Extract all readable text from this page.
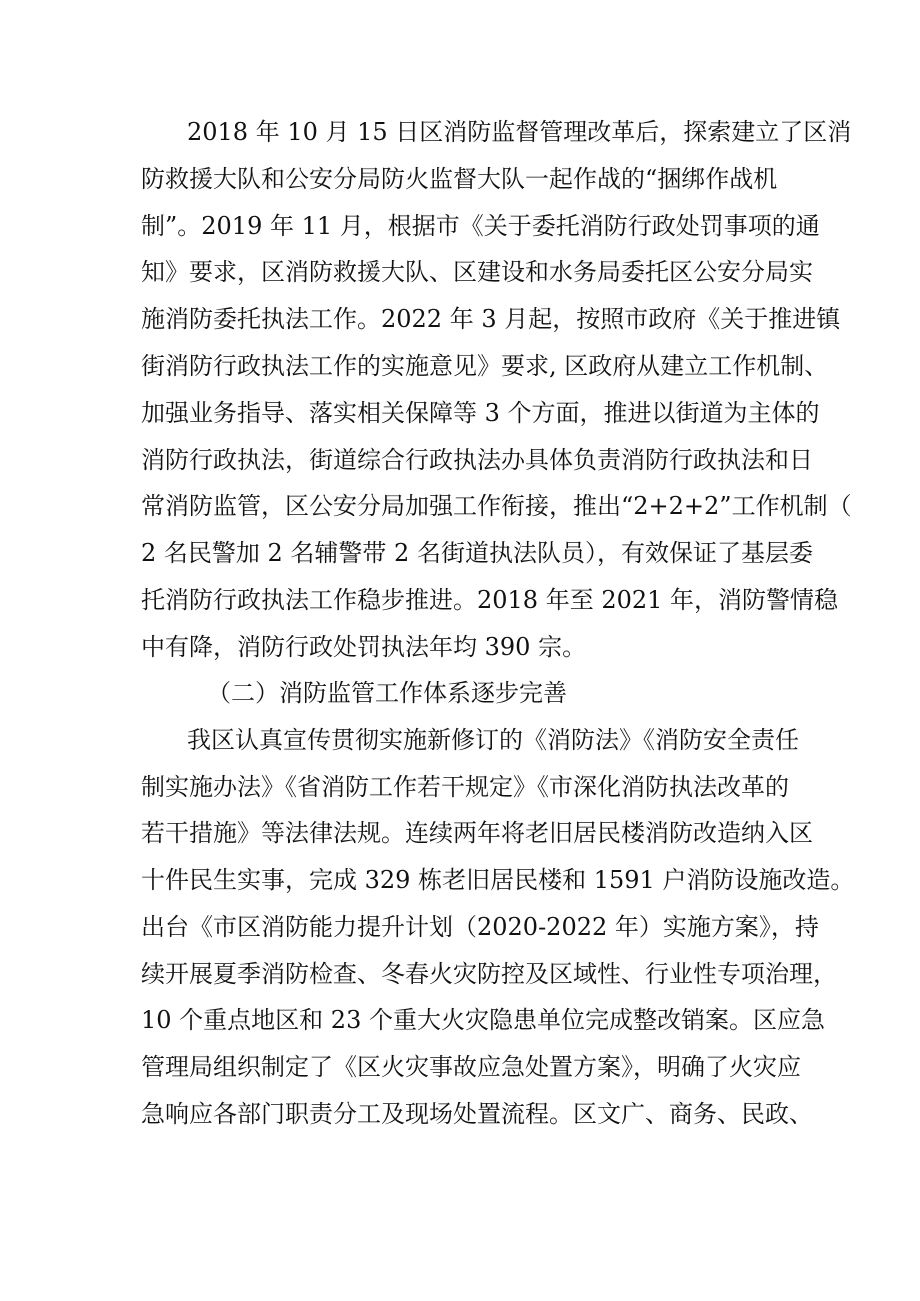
2018 年 10 月 15 日区消防监督管理改革后，探索建立了区消
防救援大队和公安分局防火监督大队一起作战的“捆绑作战机
制”。2019 年 11 月，根据市《关于委托消防行政处罚事项的通
知》要求，区消防救援大队、区建设和水务局委托区公安分局实
施消防委托执法工作。2022 年 3 月起，按照市政府《关于推进镇
街消防行政执法工作的实施意见》要求, 区政府从建立工作机制、
加强业务指导、落实相关保障等 3 个方面，推进以街道为主体的
消防行政执法，街道综合行政执法办具体负责消防行政执法和日
常消防监管，区公安分局加强工作衔接，推出“2+2+2”工作机制（
2 名民警加 2 名辅警带 2 名街道执法队员），有效保证了基层委
托消防行政执法工作稳步推进。2018 年至 2021 年，消防警情稳
中有降，消防行政处罚执法年均 390 宗。
（二）消防监管工作体系逐步完善
我区认真宣传贯彻实施新修订的《消防法》《消防安全责任
制实施办法》《省消防工作若干规定》《市深化消防执法改革的
若干措施》等法律法规。连续两年将老旧居民楼消防改造纳入区
十件民生实事，完成 329 栋老旧居民楼和 1591 户消防设施改造。
出台《市区消防能力提升计划（2020-2022 年）实施方案》，持
续开展夏季消防检查、冬春火灾防控及区域性、行业性专项治理，
10 个重点地区和 23 个重大火灾隐患单位完成整改销案。区应急
管理局组织制定了《区火灾事故应急处置方案》，明确了火灾应
急响应各部门职责分工及现场处置流程。区文广、商务、民政、
